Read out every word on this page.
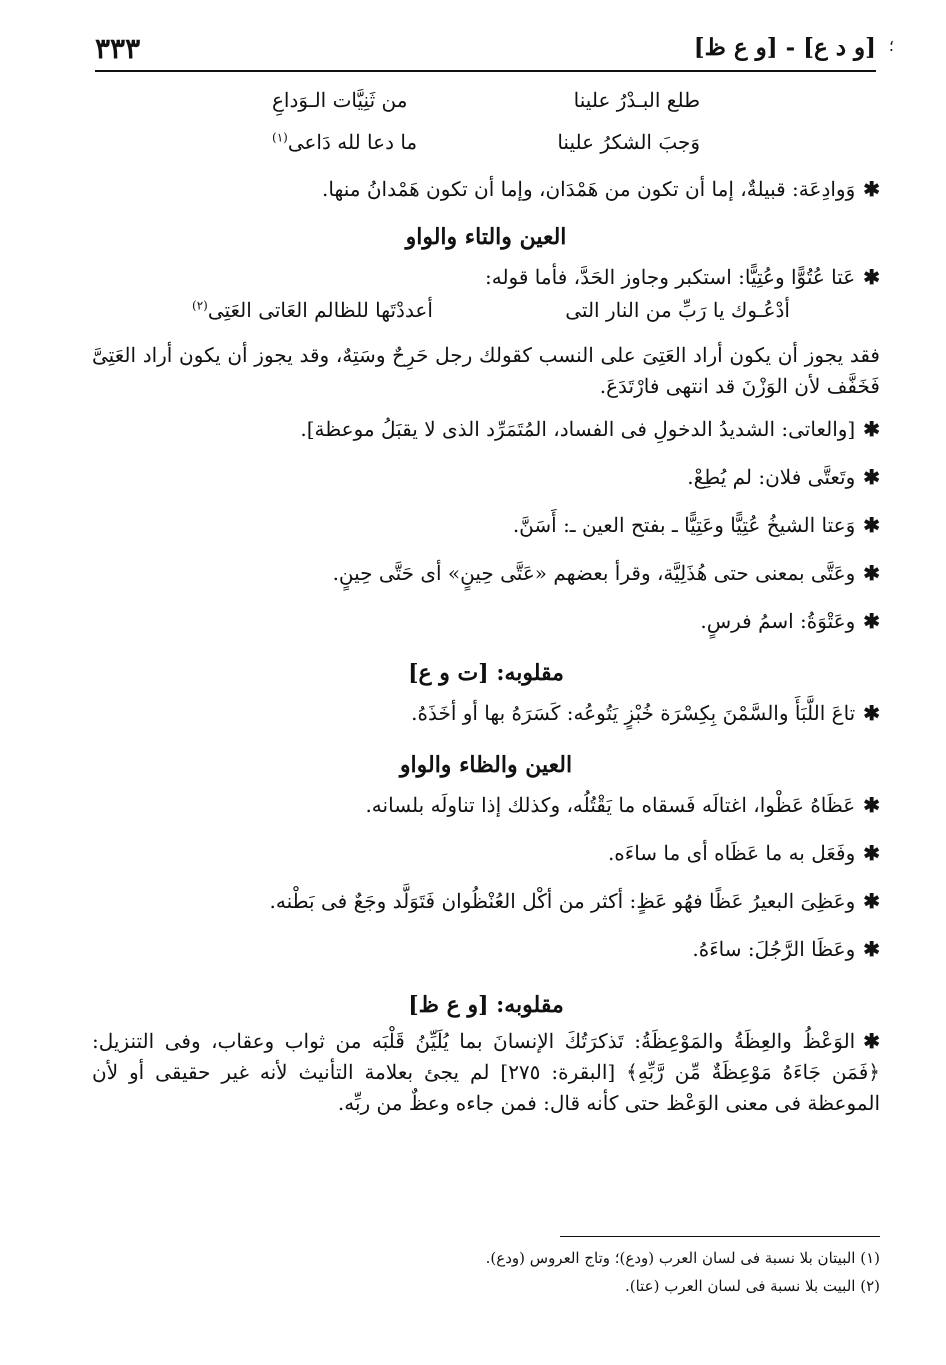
؛
[و د ع] - [و ع ظ]
٣٣٣
طلع البـدْرُ علينا
من ثَنِيَّات الـوَداعِ
وَجبَ الشكرُ علينا
ما دعا لله دَاعى$^{(١)}$
✱وَوادِعَة: قبيلةٌ، إما أن تكون من هَمْدَان، وإما أن تكون هَمْدانُ منها.
العين والتاء والواو
✱عَتا عُتُوًّا وعُتِيًّا: استكبر وجاوز الحَدَّ، فأما قوله:
أدْعُـوك يا رَبِّ من النار التى
أعددْتَها للظالم العَاتى العَتِى$^{(٢)}$
فقد يجوز أن يكون أراد العَتِىَ على النسب كقولك رجل حَرِحٌ وسَتِهٌ، وقد يجوز أن يكون أراد العَتِىَّ فَخَفَّف لأن الوَزْنَ قد انتهى فارْتَدَعَ.
✱[والعاتى: الشديدُ الدخولِ فى الفساد، المُتَمَرِّد الذى لا يقبَلُ موعظة].
✱وتَعتَّى فلان: لم يُطِعْ.
✱وَعتا الشيخُ عُتِيًّا وعَتِيًّا ـ بفتح العين ـ: أَسَنَّ.
✱وعَتَّى بمعنى حتى هُذَلِيَّة، وقرأ بعضهم «عَتَّى حِينٍ» أى حَتَّى حِينٍ.
✱وعَتْوَةُ: اسمُ فرسٍ.
مقلوبه: [ت و ع]
✱تاعَ اللَّبَأَ والسَّمْنَ بِكِسْرَة خُبْزٍ يَتُوعُه: كَسَرَهُ بها أو أخَذَهُ.
العين والظاء والواو
✱عَظَاهُ عَظْوا، اغتالَه فَسقاه ما يَقْتُلُه، وكذلك إذا تناولَه بلسانه.
✱وفَعَل به ما عَظَاه أى ما ساءَه.
✱وعَظِىَ البعيرُ عَظًا فهُو عَظٍ: أكثر من أكْل العُنْظُوان فَتَوَلَّد وجَعٌ فى بَطْنه.
✱وعَظَا الرَّجُلَ: ساءَهُ.
مقلوبه: [و ع ظ]
✱الوَعْظُ والعِظَةُ والمَوْعِظَةُ: تَذكرَتُكَ الإنسانَ بما يُلَيِّنُ قَلْبَه من ثواب وعقاب، وفى التنزيل: ﴿فَمَن جَاءَهُ مَوْعِظَةٌ مِّن رَّبِّهِ﴾ [البقرة: ٢٧٥] لم يجئ بعلامة التأنيث لأنه غير حقيقى أو لأن الموعظة فى معنى الوَعْظ حتى كأنه قال: فمن جاءه وعظٌ من ربِّه.
(١) البيتان بلا نسبة فى لسان العرب (ودع)؛ وتاج العروس (ودع).
(٢) البيت بلا نسبة فى لسان العرب (عتا).
